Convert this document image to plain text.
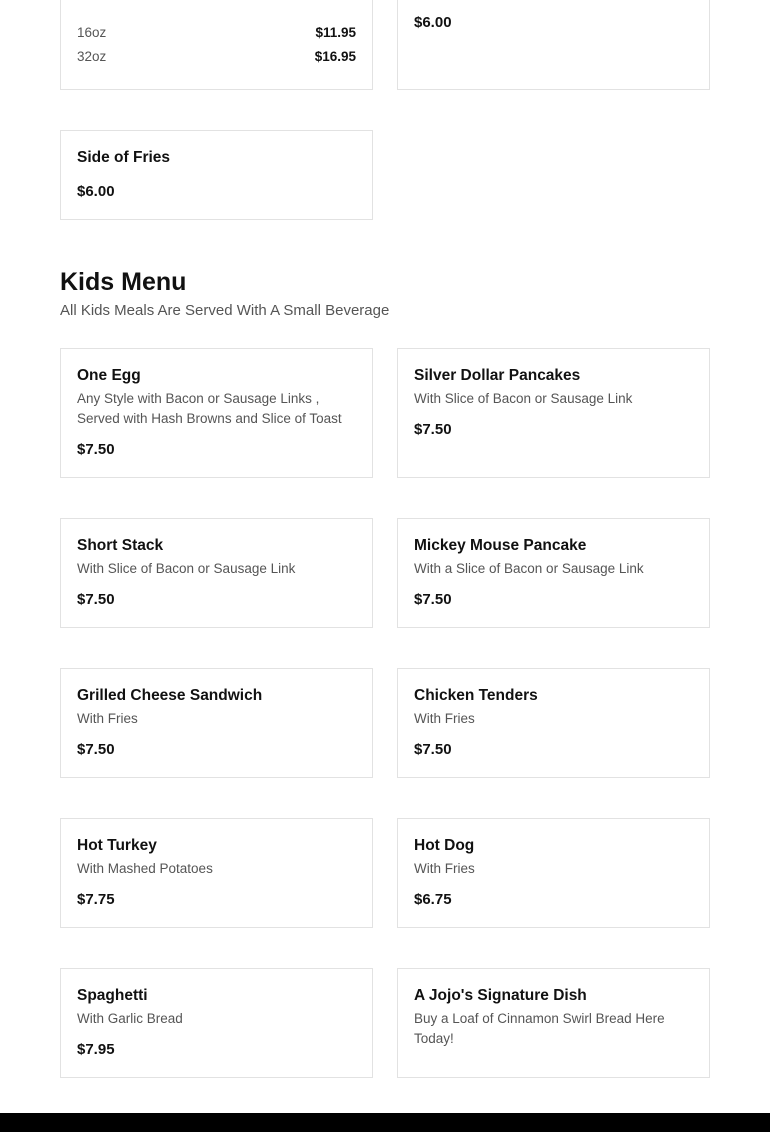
16oz	$11.95
32oz	$16.95
$6.00
Side of Fries
$6.00
Kids Menu
All Kids Meals Are Served With A Small Beverage
One Egg
Any Style with Bacon or Sausage Links , Served with Hash Browns and Slice of Toast
$7.50
Silver Dollar Pancakes
With Slice of Bacon or Sausage Link
$7.50
Short Stack
With Slice of Bacon or Sausage Link
$7.50
Mickey Mouse Pancake
With a Slice of Bacon or Sausage Link
$7.50
Grilled Cheese Sandwich
With Fries
$7.50
Chicken Tenders
With Fries
$7.50
Hot Turkey
With Mashed Potatoes
$7.75
Hot Dog
With Fries
$6.75
Spaghetti
With Garlic Bread
$7.95
A Jojo's Signature Dish
Buy a Loaf of Cinnamon Swirl Bread Here Today!
